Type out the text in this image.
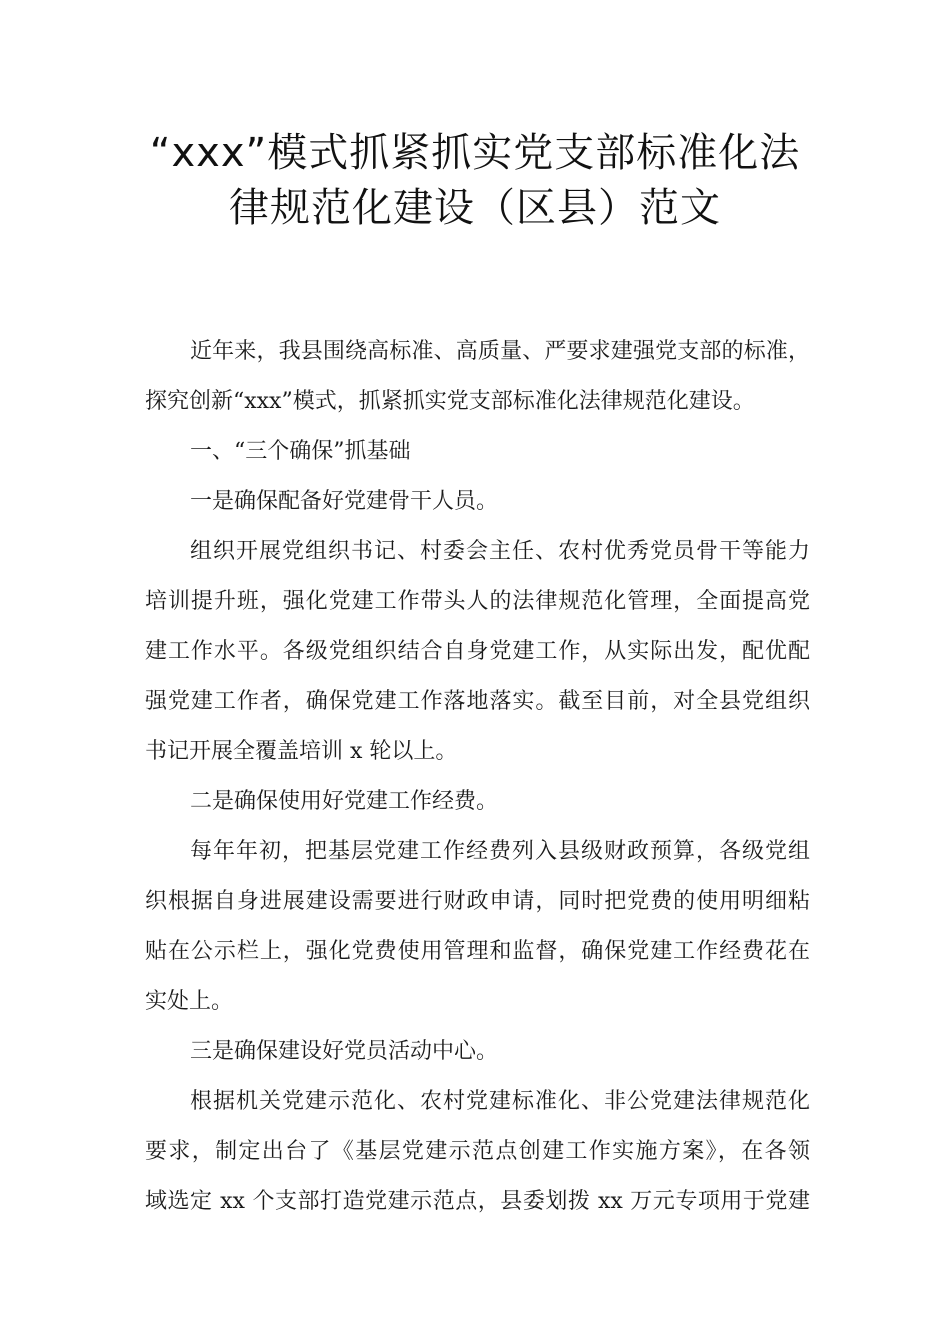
“xxx”模式抓紧抓实党支部标准化法
律规范化建设（区县）范文

近年来，我县围绕高标准、高质量、严要求建强党支部的标准，
探究创新“xxx”模式，抓紧抓实党支部标准化法律规范化建设。

一、“三个确保”抓基础

一是确保配备好党建骨干人员。

组织开展党组织书记、村委会主任、农村优秀党员骨干等能力
培训提升班，强化党建工作带头人的法律规范化管理，全面提高党
建工作水平。各级党组织结合自身党建工作，从实际出发，配优配
强党建工作者，确保党建工作落地落实。截至目前，对全县党组织
书记开展全覆盖培训 x 轮以上。

二是确保使用好党建工作经费。

每年年初，把基层党建工作经费列入县级财政预算，各级党组
织根据自身进展建设需要进行财政申请，同时把党费的使用明细粘
贴在公示栏上，强化党费使用管理和监督，确保党建工作经费花在
实处上。

三是确保建设好党员活动中心。

根据机关党建示范化、农村党建标准化、非公党建法律规范化
要求，制定出台了《基层党建示范点创建工作实施方案》，在各领
域选定 xx 个支部打造党建示范点，县委划拨 xx 万元专项用于党建
